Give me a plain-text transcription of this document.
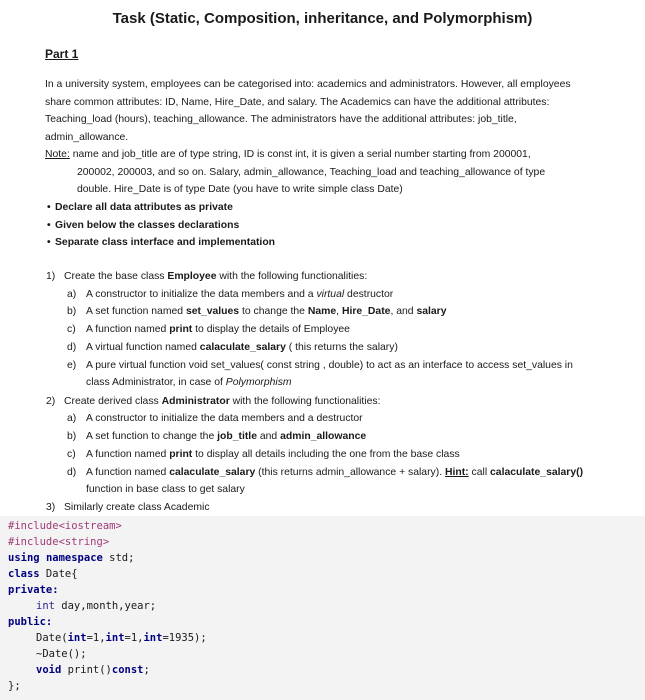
Task (Static, Composition, inheritance, and Polymorphism)
Part 1
In a university system, employees can be categorised into: academics and administrators. However, all employees
share common attributes: ID, Name, Hire_Date, and salary. The Academics can have the additional attributes:
Teaching_load (hours), teaching_allowance. The administrators have the additional attributes: job_title,
admin_allowance.
Note: name and job_title are of type string, ID is const int, it is given a serial number starting from 200001,
200002, 200003, and so on. Salary, admin_allowance, Teaching_load and teaching_allowance of type
double. Hire_Date is of type Date (you have to write simple class Date)
• Declare all data attributes as private
• Given below the classes declarations
• Separate class interface and implementation
1) Create the base class Employee with the following functionalities:
a) A constructor to initialize the data members and a virtual destructor
b) A set function named set_values to change the Name, Hire_Date, and salary
c) A function named print to display the details of Employee
d) A virtual function named calaculate_salary ( this returns the salary)
e) A pure virtual function void set_values( const string , double) to act as an interface to access set_values in
class Administrator, in case of Polymorphism
2) Create derived class Administrator with the following functionalities:
a) A constructor to initialize the data members and a destructor
b) A set function to change the job_title and admin_allowance
c) A function named print to display all details including the one from the base class
d) A function named calaculate_salary (this returns admin_allowance + salary). Hint: call calaculate_salary()
function in base class to get salary
3) Similarly create class Academic
#include<iostream>
#include<string>
using namespace std;
class Date{
private:
int day,month,year;
public:
Date(int=1,int=1,int=1935);
~Date();
void print()const;
};
